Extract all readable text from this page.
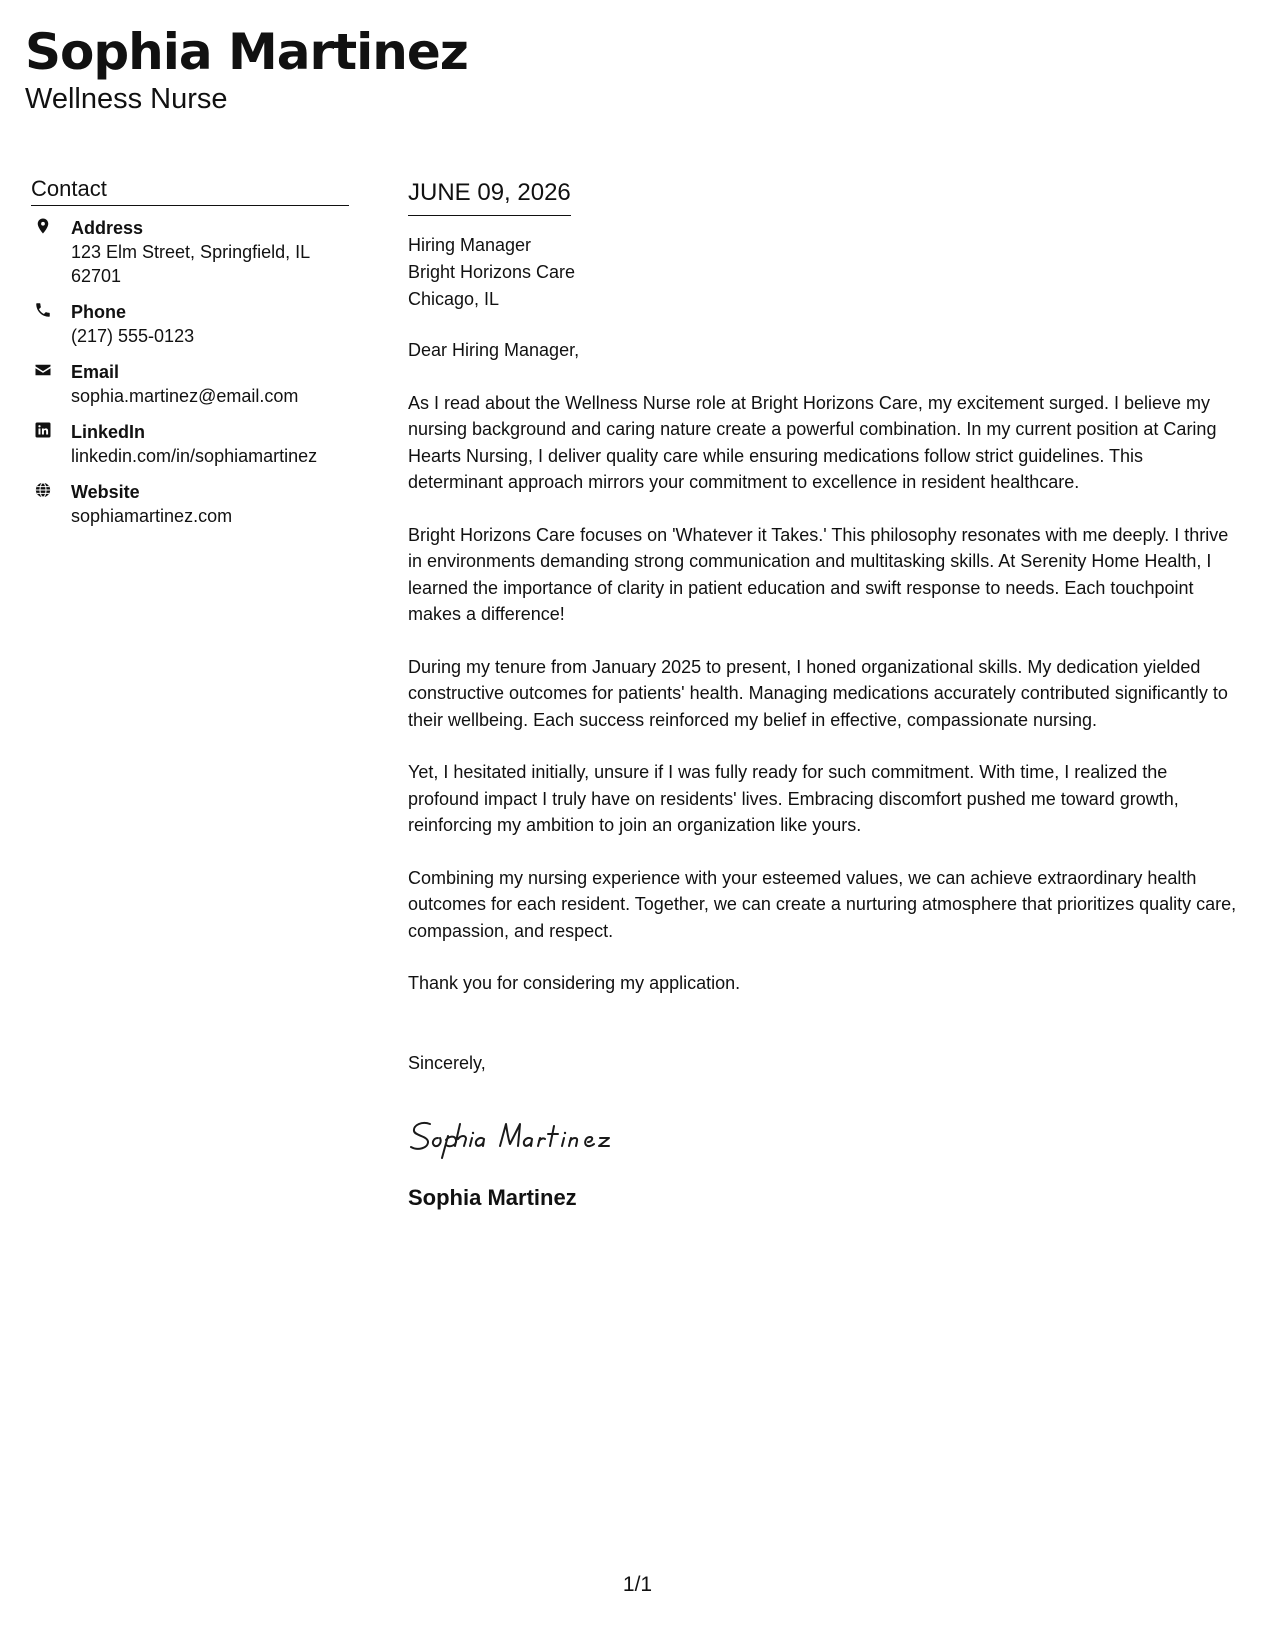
Sophia Martinez
Wellness Nurse
Contact
Address
123 Elm Street, Springfield, IL 62701
Phone
(217) 555-0123
Email
sophia.martinez@email.com
LinkedIn
linkedin.com/in/sophiamartinez
Website
sophiamartinez.com
JUNE 09, 2026
Hiring Manager
Bright Horizons Care
Chicago, IL

Dear Hiring Manager,

As I read about the Wellness Nurse role at Bright Horizons Care, my excitement surged. I believe my nursing background and caring nature create a powerful combination. In my current position at Caring Hearts Nursing, I deliver quality care while ensuring medications follow strict guidelines. This determinant approach mirrors your commitment to excellence in resident healthcare.

Bright Horizons Care focuses on 'Whatever it Takes.' This philosophy resonates with me deeply. I thrive in environments demanding strong communication and multitasking skills. At Serenity Home Health, I learned the importance of clarity in patient education and swift response to needs. Each touchpoint makes a difference!

During my tenure from January 2025 to present, I honed organizational skills. My dedication yielded constructive outcomes for patients' health. Managing medications accurately contributed significantly to their wellbeing. Each success reinforced my belief in effective, compassionate nursing.

Yet, I hesitated initially, unsure if I was fully ready for such commitment. With time, I realized the profound impact I truly have on residents' lives. Embracing discomfort pushed me toward growth, reinforcing my ambition to join an organization like yours.

Combining my nursing experience with your esteemed values, we can achieve extraordinary health outcomes for each resident. Together, we can create a nurturing atmosphere that prioritizes quality care, compassion, and respect.

Thank you for considering my application.

Sincerely,

Sophia Martinez
1/1
